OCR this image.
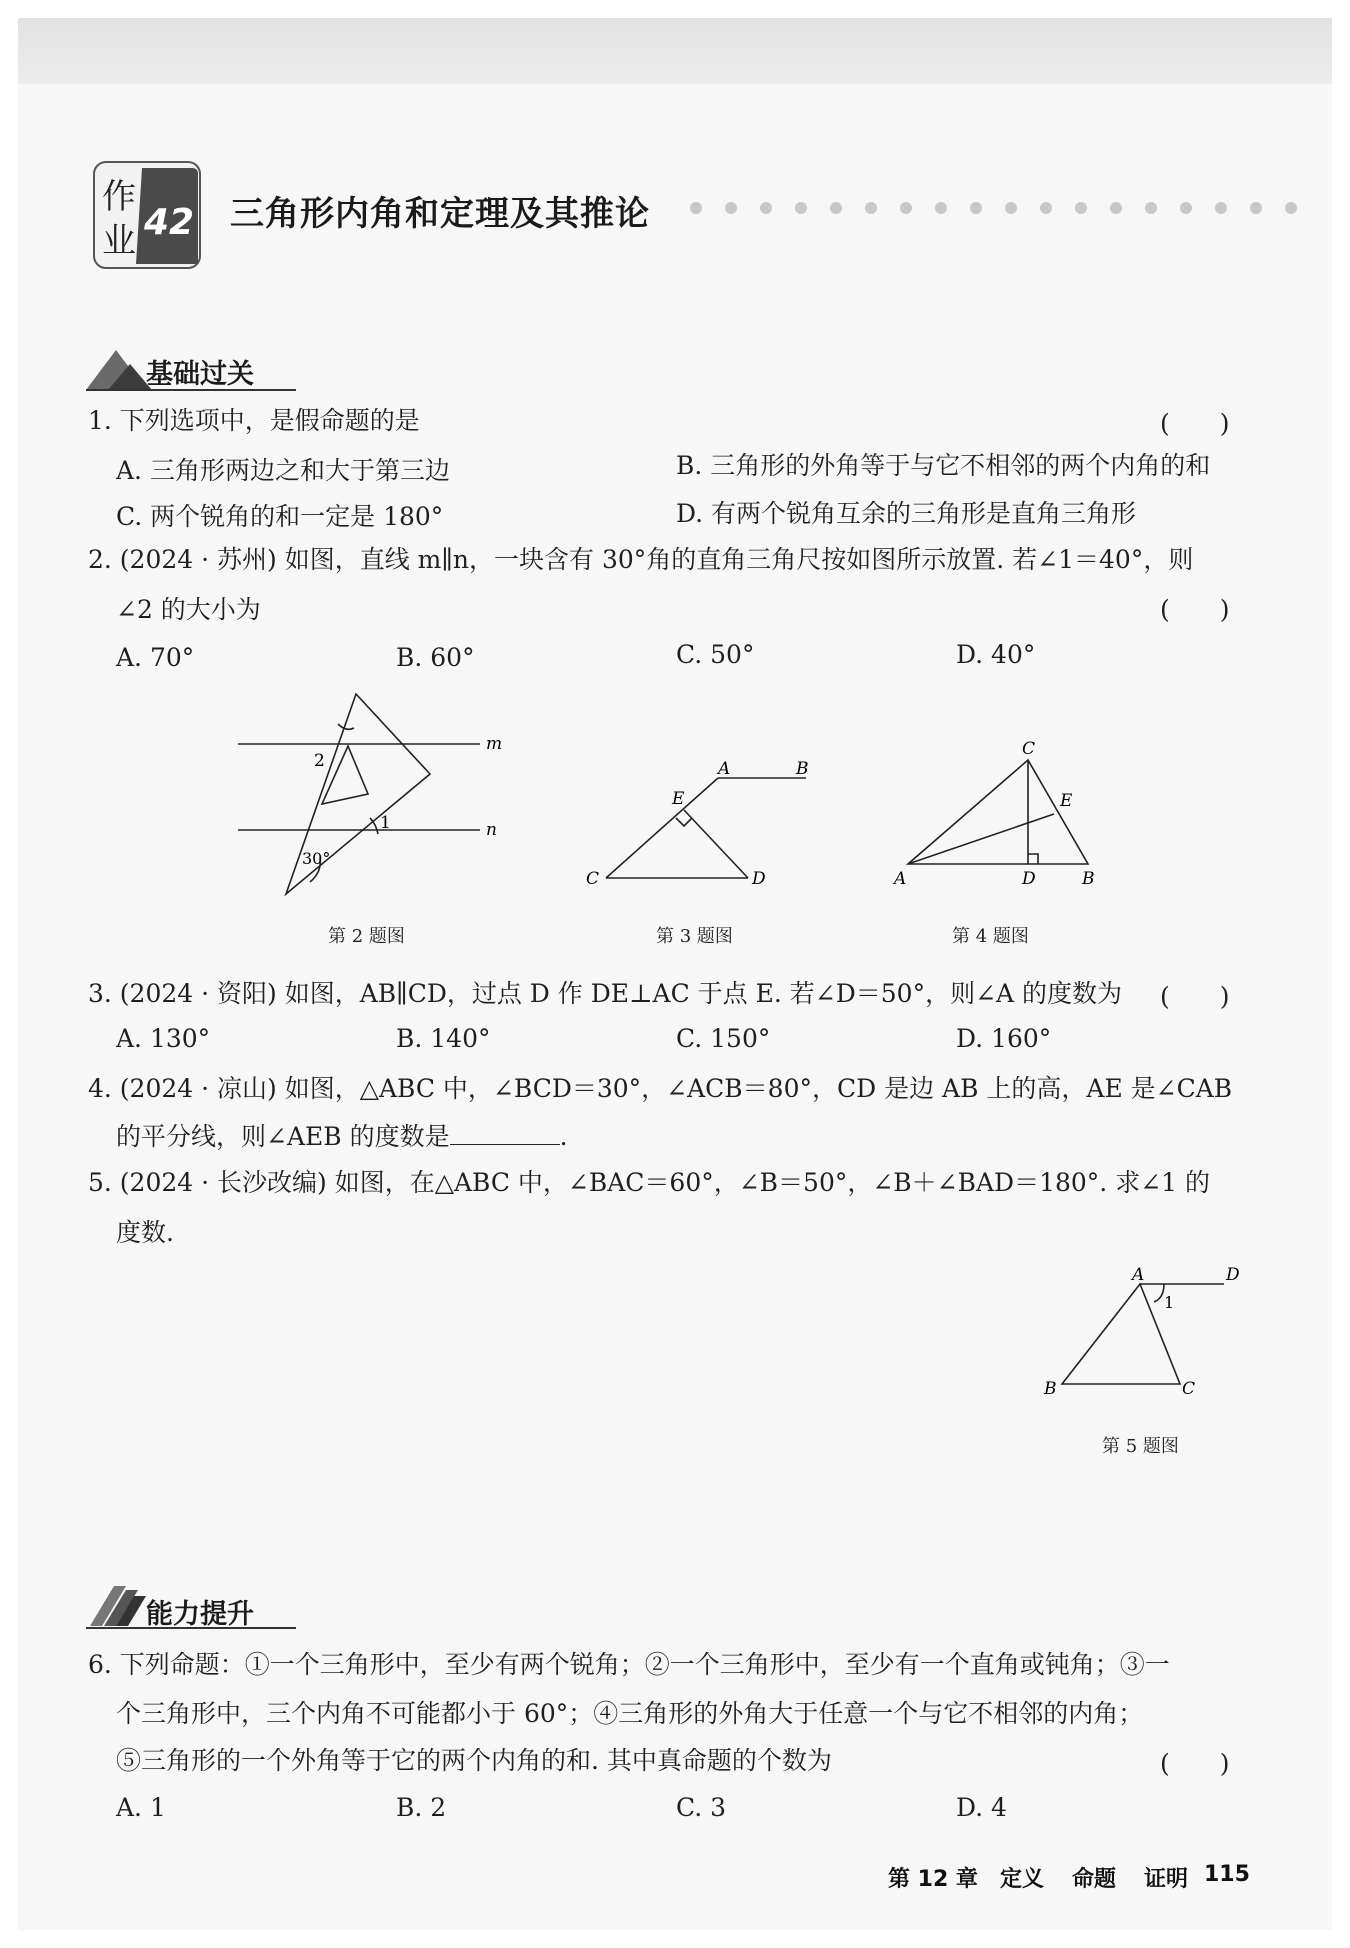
作
业 42 三角形内角和定理及其推论
基础过关
1. 下列选项中，是假命题的是	(　　)
A. 三角形两边之和大于第三边	B. 三角形的外角等于与它不相邻的两个内角的和
C. 两个锐角的和一定是 180°	D. 有两个锐角互余的三角形是直角三角形
2. (2024 · 苏州) 如图，直线 m∥n，一块含有 30°角的直角三角尺按如图所示放置. 若∠1＝40°，则
∠2 的大小为	(　　)
A. 70°	B. 60°	C. 50°	D. 40°
m
n
1
2
30°
第 2 题图
A	B
C	D
E
第 3 题图
C
E
A	D	B
第 4 题图
3. (2024 · 资阳) 如图，AB∥CD，过点 D 作 DE⊥AC 于点 E. 若∠D＝50°，则∠A 的度数为 (　　)
A. 130°	B. 140°	C. 150°	D. 160°
4. (2024 · 凉山) 如图，△ABC 中，∠BCD＝30°，∠ACB＝80°，CD 是边 AB 上的高，AE 是∠CAB
的平分线，则∠AEB 的度数是	.
5. (2024 · 长沙改编) 如图，在△ABC 中，∠BAC＝60°，∠B＝50°，∠B＋∠BAD＝180°. 求∠1 的
度数.
A	D
B	C
1
第 5 题图
能力提升
6. 下列命题：①一个三角形中，至少有两个锐角；②一个三角形中，至少有一个直角或钝角；③一
个三角形中，三个内角不可能都小于 60°；④三角形的外角大于任意一个与它不相邻的内角；
⑤三角形的一个外角等于它的两个内角的和. 其中真命题的个数为	(　　)
A. 1	B. 2	C. 3	D. 4
第 12 章 定义 命题 证明 115
